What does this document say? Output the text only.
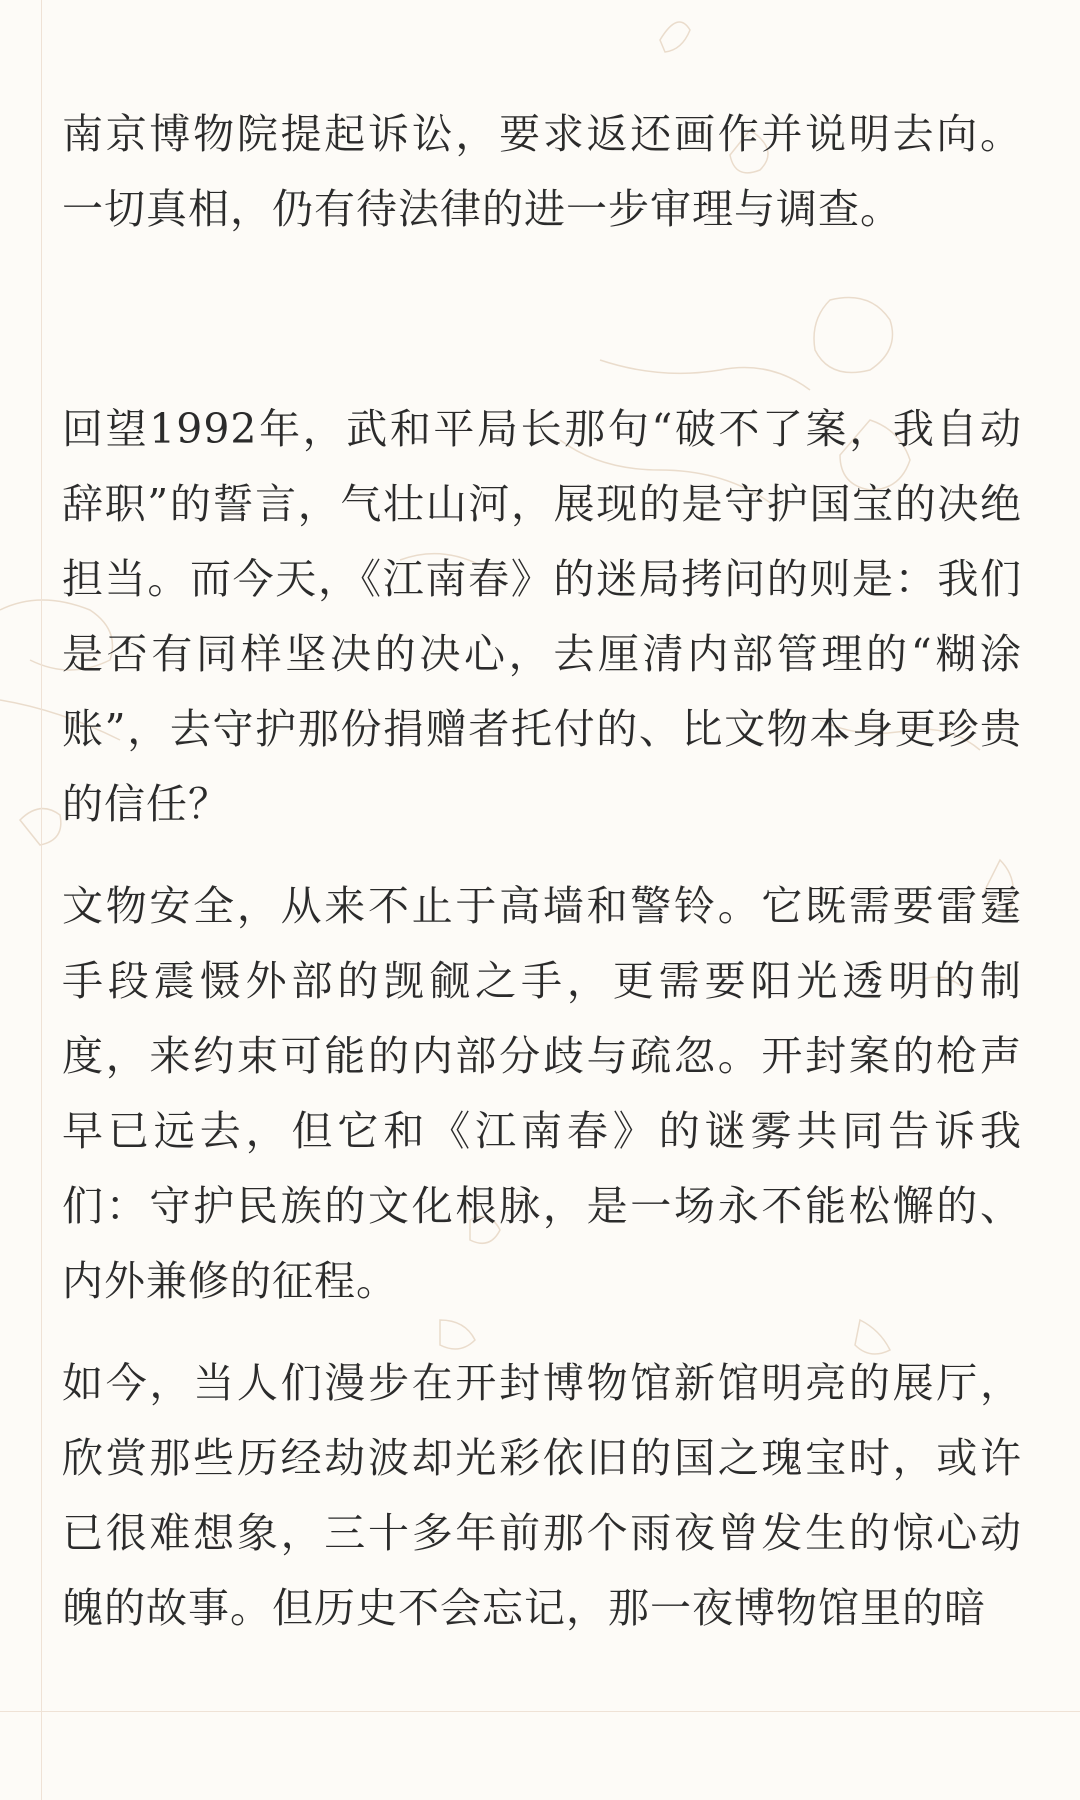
南京博物院提起诉讼，要求返还画作并说明去向。一切真相，仍有待法律的进一步审理与调查。

回望1992年，武和平局长那句“破不了案，我自动辞职”的誓言，气壮山河，展现的是守护国宝的决绝担当。而今天，《江南春》的迷局拷问的则是：我们是否有同样坚决的决心，去厘清内部管理的“糊涂账”，去守护那份捐赠者托付的、比文物本身更珍贵的信任？

文物安全，从来不止于高墙和警铃。它既需要雷霆手段震慑外部的觊觎之手，更需要阳光透明的制度，来约束可能的内部分歧与疏忽。开封案的枪声早已远去，但它和《江南春》的谜雾共同告诉我们：守护民族的文化根脉，是一场永不能松懈的、内外兼修的征程。

如今，当人们漫步在开封博物馆新馆明亮的展厅，欣赏那些历经劫波却光彩依旧的国之瑰宝时，或许已很难想象，三十多年前那个雨夜曾发生的惊心动魄的故事。但历史不会忘记，那一夜博物馆里的暗
